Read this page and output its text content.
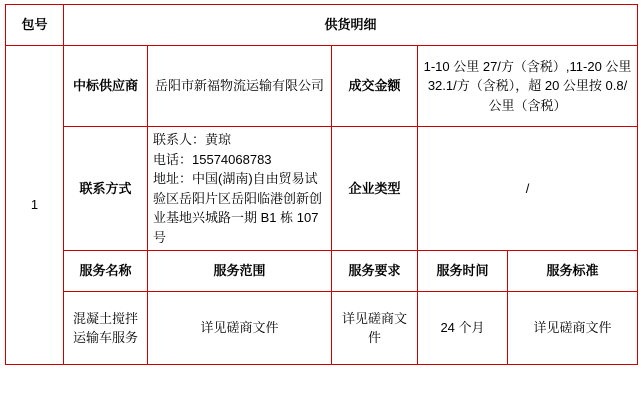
包号	供货明细				
1	中标供应商	岳阳市新福物流运输有限公司	成交金额	1-10 公里 27/方（含税）,11-20 公里 32.1/方（含税），超 20 公里按 0.8/公里（含税）	
	联系方式	联系人：黄琼
电话：15574068783
地址：中国(湖南)自由贸易试验区岳阳片区岳阳临港创新创业基地兴城路一期 B1 栋 107 号	企业类型	/	
	服务名称	服务范围	服务要求	服务时间	服务标准
	混凝土搅拌运输车服务	详见磋商文件	详见磋商文件	24 个月	详见磋商文件
